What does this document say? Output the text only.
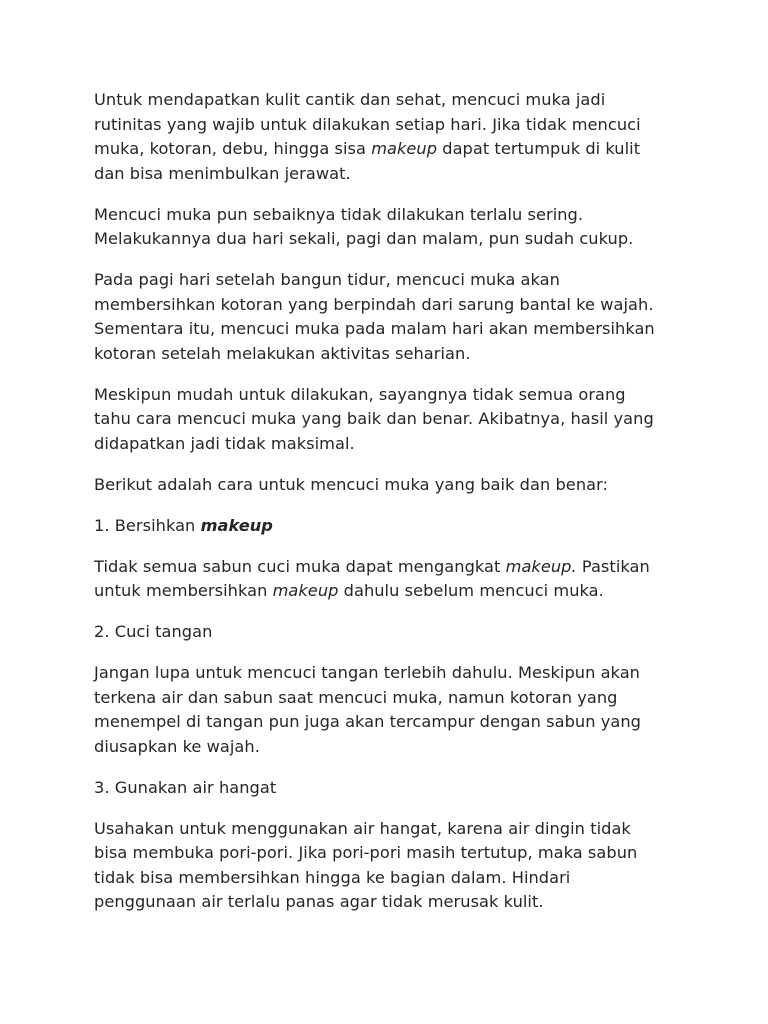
Untuk mendapatkan kulit cantik dan sehat, mencuci muka jadi
rutinitas yang wajib untuk dilakukan setiap hari. Jika tidak mencuci
muka, kotoran, debu, hingga sisa makeup dapat tertumpuk di kulit
dan bisa menimbulkan jerawat.

Mencuci muka pun sebaiknya tidak dilakukan terlalu sering.
Melakukannya dua hari sekali, pagi dan malam, pun sudah cukup.

Pada pagi hari setelah bangun tidur, mencuci muka akan
membersihkan kotoran yang berpindah dari sarung bantal ke wajah.
Sementara itu, mencuci muka pada malam hari akan membersihkan
kotoran setelah melakukan aktivitas seharian.

Meskipun mudah untuk dilakukan, sayangnya tidak semua orang
tahu cara mencuci muka yang baik dan benar. Akibatnya, hasil yang
didapatkan jadi tidak maksimal.

Berikut adalah cara untuk mencuci muka yang baik dan benar:

1. Bersihkan makeup

Tidak semua sabun cuci muka dapat mengangkat makeup. Pastikan
untuk membersihkan makeup dahulu sebelum mencuci muka.

2. Cuci tangan

Jangan lupa untuk mencuci tangan terlebih dahulu. Meskipun akan
terkena air dan sabun saat mencuci muka, namun kotoran yang
menempel di tangan pun juga akan tercampur dengan sabun yang
diusapkan ke wajah.

3. Gunakan air hangat

Usahakan untuk menggunakan air hangat, karena air dingin tidak
bisa membuka pori-pori. Jika pori-pori masih tertutup, maka sabun
tidak bisa membersihkan hingga ke bagian dalam. Hindari
penggunaan air terlalu panas agar tidak merusak kulit.
